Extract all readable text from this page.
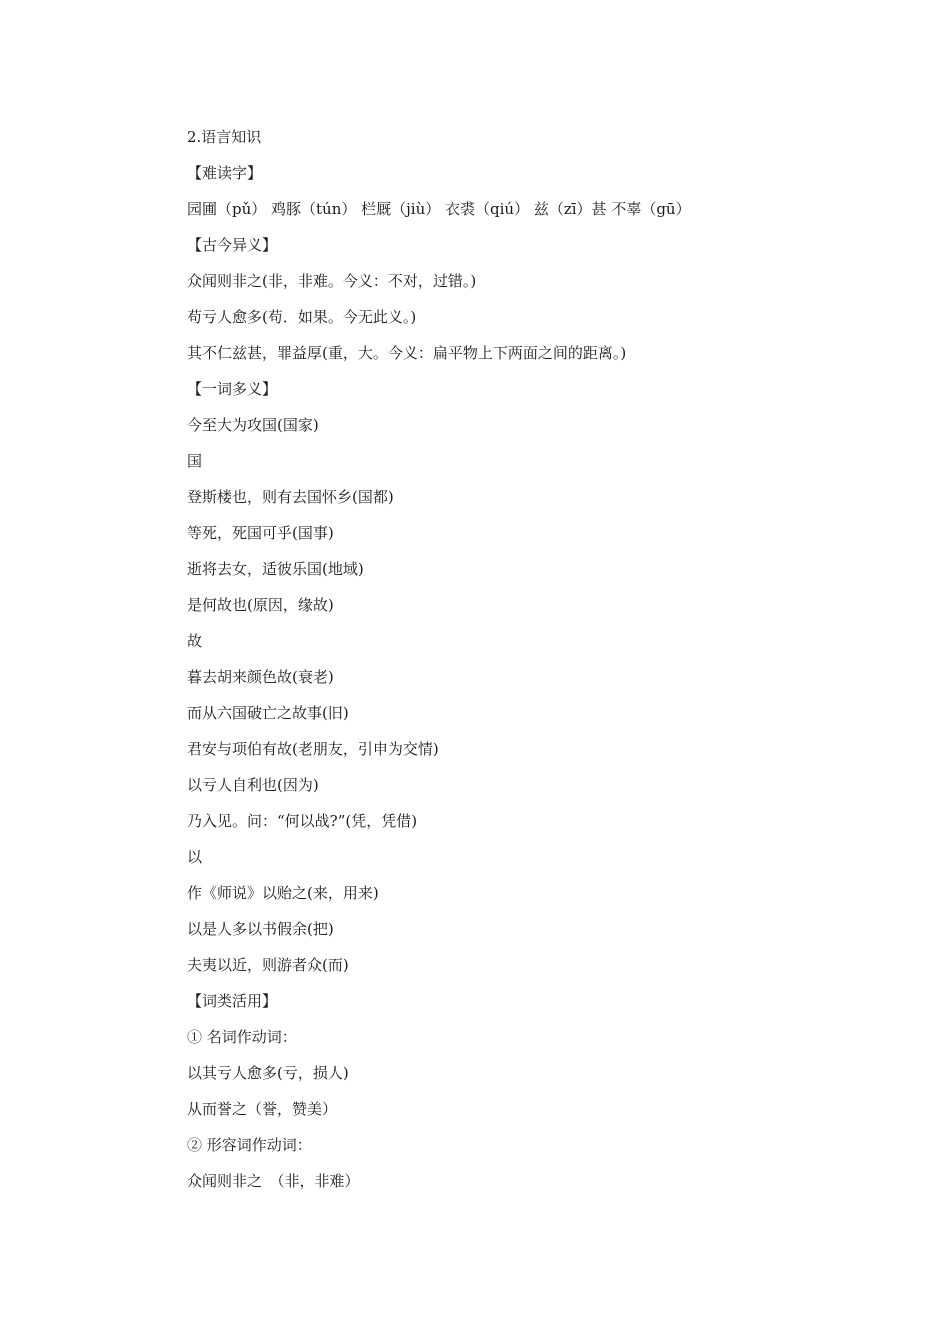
2.语言知识
【难读字】
园圃（pǔ） 鸡豚（tún） 栏厩（jiù） 衣裘（qiú） 兹（zī）甚 不辜（gū）
【古今异义】
众闻则非之(非，非难。今义：不对，过错。)
苟亏人愈多(苟．如果。今无此义。)
其不仁兹甚，罪益厚(重，大。今义：扁平物上下两面之间的距离。)
【一词多义】
今至大为攻国(国家)
国
登斯楼也，则有去国怀乡(国都)
等死，死国可乎(国事)
逝将去女，适彼乐国(地域)
是何故也(原因，缘故)
故
暮去胡来颜色故(衰老)
而从六国破亡之故事(旧)
君安与项伯有故(老朋友，引申为交情)
以亏人自利也(因为)
乃入见。问：“何以战?”(凭，凭借)
以
作《师说》以贻之(来，用来)
以是人多以书假余(把)
夫夷以近，则游者众(而)
【词类活用】
① 名词作动词：
以其亏人愈多(亏，损人)
从而誉之（誉，赞美）
② 形容词作动词：
众闻则非之　（非，非难）
